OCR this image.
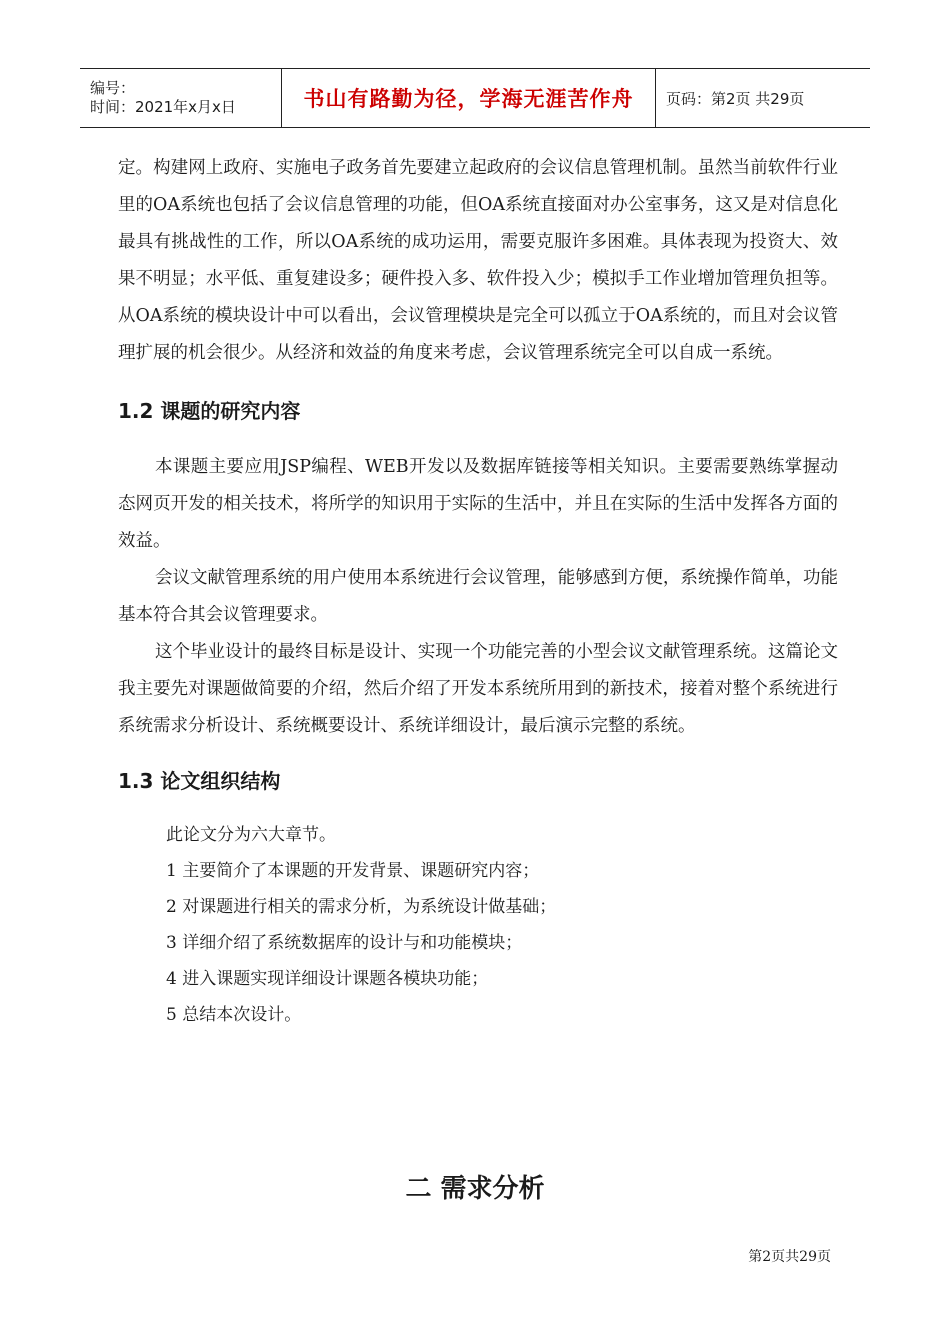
编号：
时间：2021年x月x日	书山有路勤为径，学海无涯苦作舟 页码：第2页 共29页

定。构建网上政府、实施电子政务首先要建立起政府的会议信息管理机制。虽然当前软件行业里的OA系统也包括了会议信息管理的功能，但OA系统直接面对办公室事务，这又是对信息化最具有挑战性的工作，所以OA系统的成功运用，需要克服许多困难。具体表现为投资大、效果不明显；水平低、重复建设多；硬件投入多、软件投入少；模拟手工作业增加管理负担等。 从OA系统的模块设计中可以看出，会议管理模块是完全可以孤立于OA系统的，而且对会议管理扩展的机会很少。从经济和效益的角度来考虑，会议管理系统完全可以自成一系统。

1.2 课题的研究内容

本课题主要应用JSP编程、WEB开发以及数据库链接等相关知识。主要需要熟练掌握动态网页开发的相关技术，将所学的知识用于实际的生活中，并且在实际的生活中发挥各方面的效益。

会议文献管理系统的用户使用本系统进行会议管理，能够感到方便，系统操作简单，功能基本符合其会议管理要求。

这个毕业设计的最终目标是设计、实现一个功能完善的小型会议文献管理系统。这篇论文我主要先对课题做简要的介绍，然后介绍了开发本系统所用到的新技术，接着对整个系统进行系统需求分析设计、系统概要设计、系统详细设计，最后演示完整的系统。

1.3 论文组织结构

此论文分为六大章节。

1 主要简介了本课题的开发背景、课题研究内容；

2 对课题进行相关的需求分析，为系统设计做基础；

3 详细介绍了系统数据库的设计与和功能模块；

4 进入课题实现详细设计课题各模块功能；

5 总结本次设计。

二 需求分析
第2页共29页
